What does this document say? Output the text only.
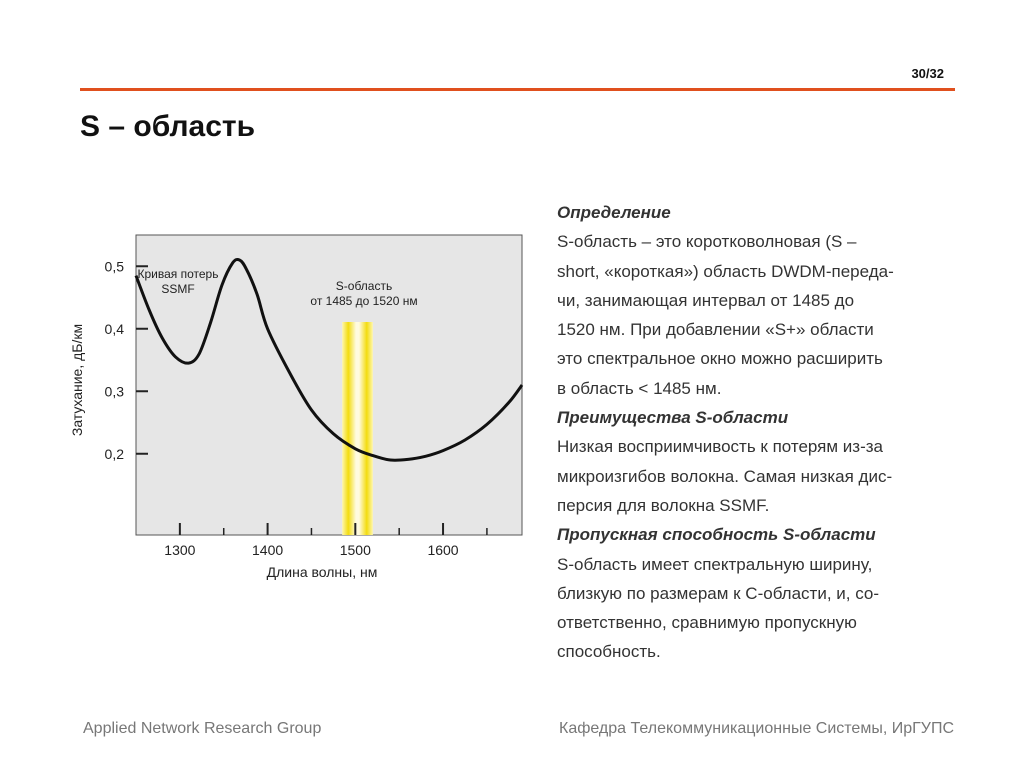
30/32
S – область
1300	1400	1500	1600
0,2
0,3
0,4
0,5 Кривая потерь
SSMF	S-область
от 1485 до 1520 нм
Длина волны, нм
Затухание, дБ/км

Определение

S-область – это коротковолновая (S –

short, «короткая») область DWDM-переда-

чи, занимающая интервал от 1485 до

1520 нм. При добавлении «S+» области

это спектральное окно можно расширить

в область < 1485 нм.

Преимущества S-области

Низкая восприимчивость к потерям из-за

микроизгибов волокна. Самая низкая дис-

персия для волокна SSMF.

Пропускная способность S-области

S-область имеет спектральную ширину,

близкую по размерам к С-области, и, со-

ответственно, сравнимую пропускную

способность.

Applied Network Research Group	Кафедра Телекоммуникационные Системы, ИрГУПС
